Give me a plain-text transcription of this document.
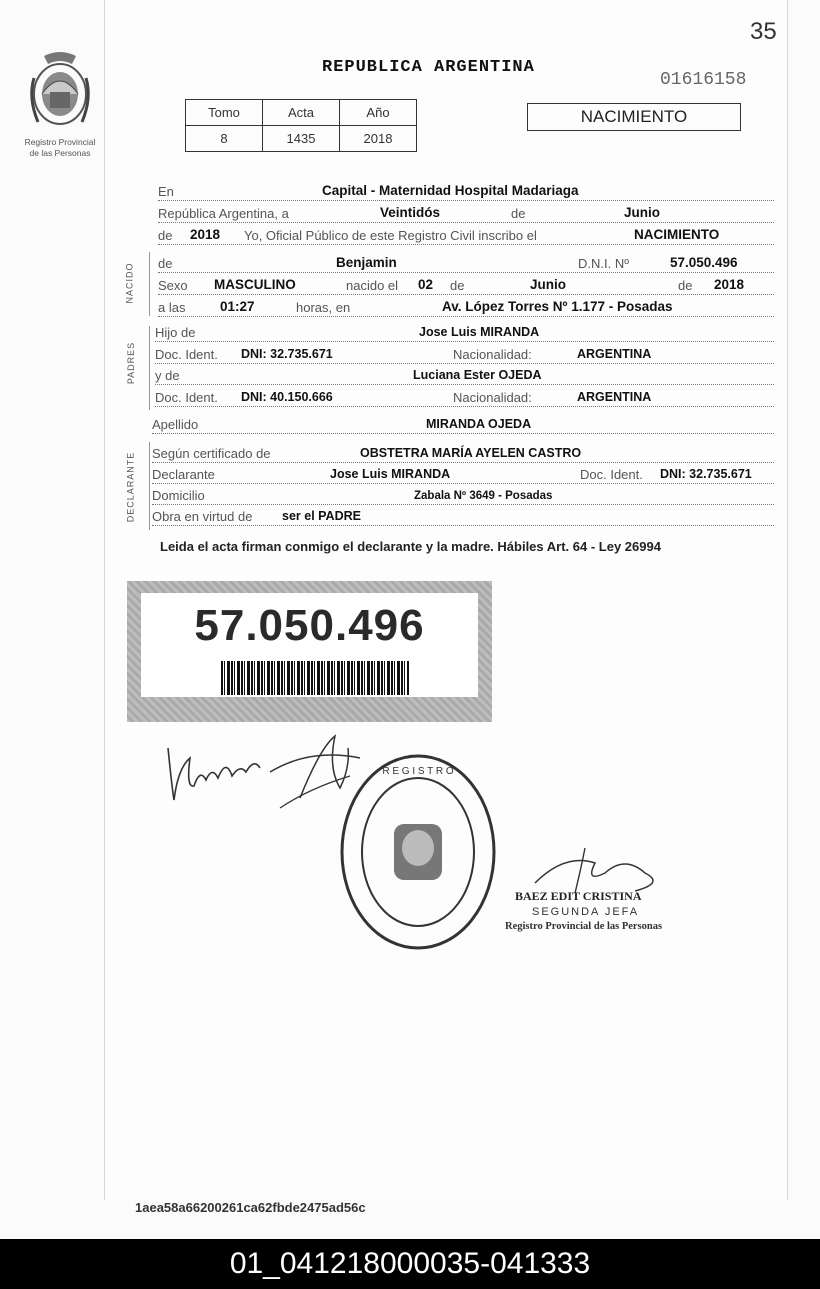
35
Registro Provincial
de las Personas
REPUBLICA ARGENTINA
01616158
Tomo	Acta	Año
8	1435	2018
NACIMIENTO
En	Capital - Maternidad Hospital Madariaga
República Argentina, a	Veintidós	de	Junio
de 2018 Yo, Oficial Público de este Registro Civil inscribo el	NACIMIENTO
NACIDO de	Benjamin	D.N.I. Nº	57.050.496
Sexo MASCULINO	nacido el 02 de	Junio	de 2018
a las	01:27	horas, en	Av. López Torres Nº 1.177 - Posadas
PADRES
Hijo de	Jose Luis MIRANDA
Doc. Ident. DNI: 32.735.671	Nacionalidad:	ARGENTINA
y de	Luciana Ester OJEDA
Doc. Ident. DNI: 40.150.666	Nacionalidad:	ARGENTINA
Apellido	MIRANDA OJEDA
DECLARANTE Según certificado de	OBSTETRA MARÍA AYELEN CASTRO
Declarante	Jose Luis MIRANDA	Doc. Ident. DNI: 32.735.671
Domicilio	Zabala Nº 3649 - Posadas
Obra en virtud de ser el PADRE
Leida el acta firman conmigo el declarante y la madre. Hábiles Art. 64 - Ley 26994
57.050.496
R E G I S T R O
BAEZ EDIT CRISTINA
SEGUNDA JEFA
Registro Provincial de las Personas
1aea58a66200261ca62fbde2475ad56c
01_041218000035-041333
